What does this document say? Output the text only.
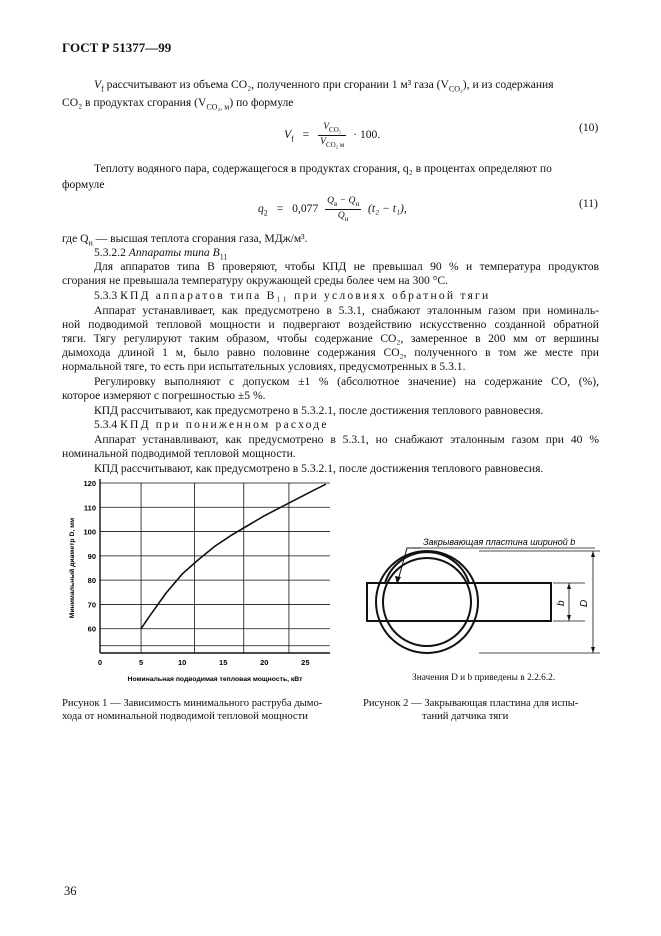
ГОСТ Р 51377—99
$V_f$ рассчитывают из объема CO₂, полученного при сгорании 1 м³ газа $(V_{CO_2})$, и из содержания
CO₂ в продуктах сгорания $(V_{CO_2, м})$ по формуле
$V_f = \frac{V_{CO_2}}{V_{CO_2 м}} \cdot 100$.
(10)
Теплоту водяного пара, содержащегося в продуктах сгорания, q₂ в процентах определяют по
формуле
$q_2 = 0,077 \frac{Q_в - Q_н}{Q_н} (t_2 - t_1)$,	(11)
где $Q_н$ — высшая теплота сгорания газа, МДж/м³.
5.3.2.2 Аппараты типа $B_{11}$
Для аппаратов типа B проверяют, чтобы КПД не превышал 90 % и температура продуктов
сгорания не превышала температуру окружающей среды более чем на 300 °С.
5.3.3 КПД аппаратов типа B₁₁ при условиях обратной тяги
Аппарат устанавливает, как предусмотрено в 5.3.1, снабжают эталонным газом при номиналь-
ной подводимой тепловой мощности и подвергают воздействию искусственно созданной обратной
тяги. Тягу регулируют таким образом, чтобы содержание CO₂, замеренное в 200 мм от вершины
дымохода длиной 1 м, было равно половине содержания CO₂, полученного в том же месте при
нормальной тяге, то есть при испытательных условиях, предусмотренных в 5.3.1.
Регулировку выполняют с допуском ±1 % (абсолютное значение) на содержание CO, (%),
которое измеряют с погрешностью ±5 %.
КПД рассчитывают, как предусмотрено в 5.3.2.1, после достижения теплового равновесия.
5.3.4 КПД при пониженном расходе
Аппарат устанавливают, как предусмотрено в 5.3.1, но снабжают эталонным газом при 40 %
номинальной подводимой тепловой мощности.
КПД рассчитывают, как предусмотрено в 5.3.2.1, после достижения теплового равновесия.
60
70
80
90
100
110
120
0	5	10	15	20	25
Номинальная подводимая тепловая мощность, кВт
Минимальный диаметр D, мм
Рисунок 1 — Зависимость минимального раструба дымо-
хода от номинальной подводимой тепловой мощности
Закрывающая пластина шириной b
b D
Значения D и b приведены в 2.2.6.2.
Рисунок 2 — Закрывающая пластина для испы-
таний датчика тяги
36
